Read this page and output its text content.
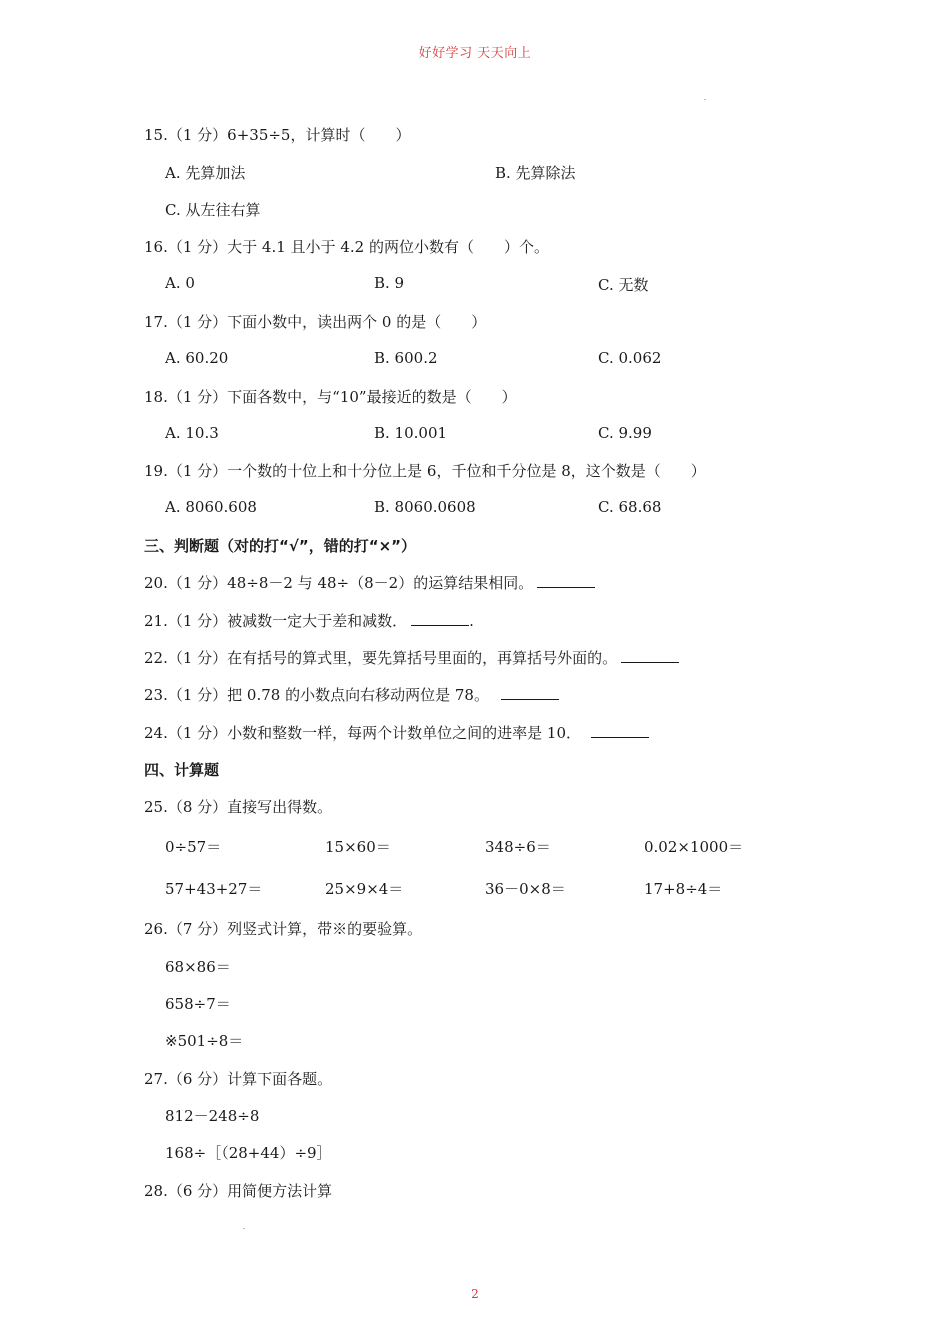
好好学习 天天向上
15.（1 分）6+35÷5，计算时（　　）
A. 先算加法	B. 先算除法
C. 从左往右算
16.（1 分）大于 4.1 且小于 4.2 的两位小数有（　　）个。
A. 0	B. 9	C. 无数
17.（1 分）下面小数中，读出两个 0 的是（　　）
A. 60.20	B. 600.2	C. 0.062
18.（1 分）下面各数中，与“10”最接近的数是（　　）
A. 10.3	B. 10.001	C. 9.99
19.（1 分）一个数的十位上和十分位上是 6，千位和千分位是 8，这个数是（　　）
A. 8060.608	B. 8060.0608	C. 68.68
三、判断题（对的打“√”，错的打“×”）
20.（1 分）48÷8－2 与 48÷（8－2）的运算结果相同。
21.（1 分）被减数一定大于差和减数．	.
22.（1 分）在有括号的算式里，要先算括号里面的，再算括号外面的。
23.（1 分）把 0.78 的小数点向右移动两位是 78。
24.（1 分）小数和整数一样，每两个计数单位之间的进率是 10．
四、计算题
25.（8 分）直接写出得数。
0÷57＝	15×60＝	348÷6＝	0.02×1000＝
57+43+27＝	25×9×4＝	36－0×8＝	17+8÷4＝
26.（7 分）列竖式计算，带※的要验算。
68×86＝
658÷7＝
※501÷8＝
27.（6 分）计算下面各题。
812－248÷8
168÷［（28+44）÷9］
28.（6 分）用简便方法计算
2
